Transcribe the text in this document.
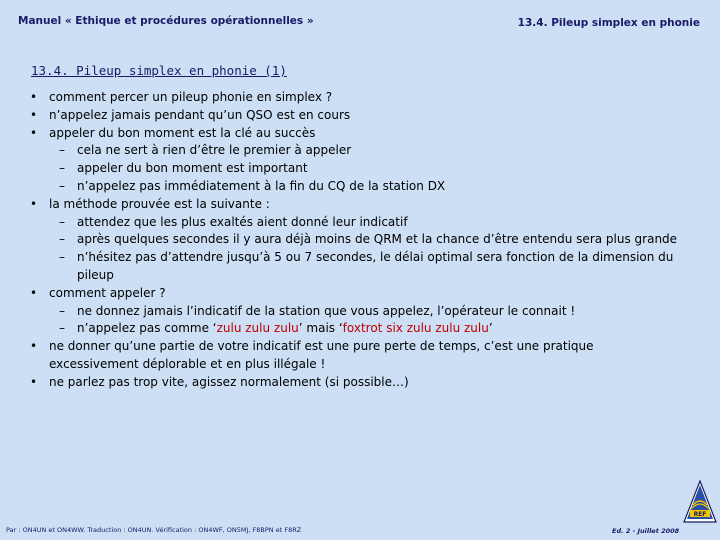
Manuel « Ethique et procédures opérationnelles »	13.4. Pileup simplex en phonie
13.4. Pileup simplex en phonie (1)
• comment percer un pileup phonie en simplex ?
• n’appelez jamais pendant qu’un QSO est en cours
• appeler du bon moment est la clé au succès
– cela ne sert à rien d’être le premier à appeler
– appeler du bon moment est important
– n’appelez pas immédiatement à la fin du CQ de la station DX
• la méthode prouvée est la suivante :
– attendez que les plus exaltés aient donné leur indicatif
– après quelques secondes il y aura déjà moins de QRM et la chance d’être entendu sera plus grande
– n’hésitez pas d’attendre jusqu’à 5 ou 7 secondes, le délai optimal sera fonction de la dimension du pileup
• comment appeler ?
– ne donnez jamais l’indicatif de la station que vous appelez, l’opérateur le connait !
– n’appelez pas comme ‘zulu zulu zulu’ mais ‘foxtrot six zulu zulu zulu’
• ne donner qu’une partie de votre indicatif est une pure perte de temps, c’est une pratique excessivement déplorable et en plus illégale !
• ne parlez pas trop vite, agissez normalement (si possible…)
Par : ON4UN et ON4WW. Traduction : ON4UN. Vérification : ON4WF, ON5MJ, F8BPN et F8RZ	Ed. 2 - Juillet 2008
REF
